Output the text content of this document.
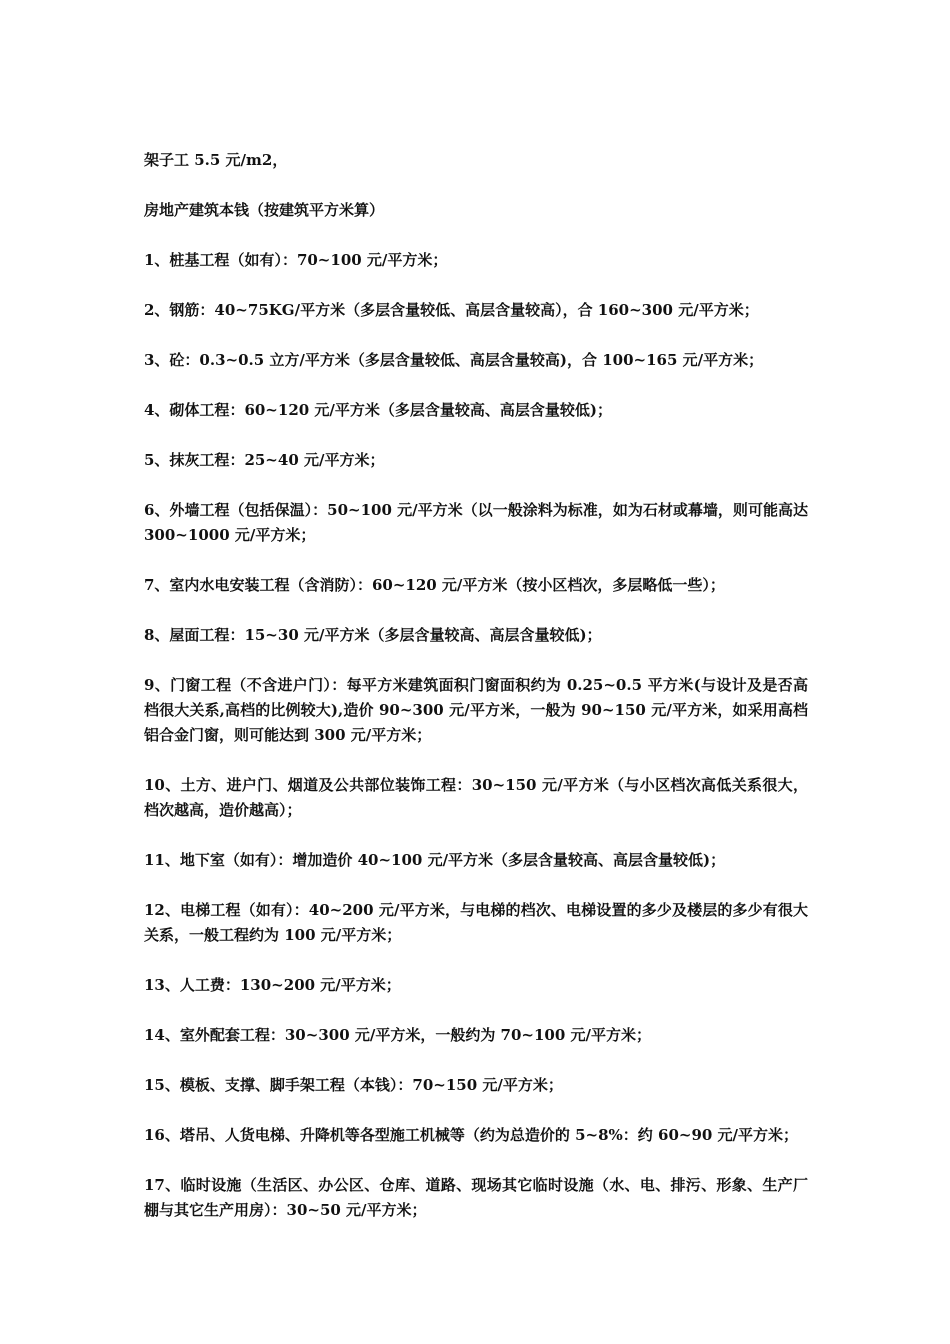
架子工 5.5 元/m2，

房地产建筑本钱（按建筑平方米算）

1、桩基工程（如有）：70~100 元/平方米；

2、钢筋：40~75KG/平方米（多层含量较低、高层含量较高），合 160~300 元/平方米；

3、砼：0.3~0.5 立方/平方米（多层含量较低、高层含量较高)，合 100~165 元/平方米；

4、砌体工程：60~120 元/平方米（多层含量较高、高层含量较低)；

5、抹灰工程：25~40 元/平方米；

6、外墙工程（包括保温）：50~100 元/平方米（以一般涂料为标准，如为石材或幕墙，则可能高达 300~1000 元/平方米；

7、室内水电安装工程（含消防）：60~120 元/平方米（按小区档次，多层略低一些）；

8、屋面工程：15~30 元/平方米（多层含量较高、高层含量较低)；

9、门窗工程（不含进户门）：每平方米建筑面积门窗面积约为 0.25~0.5 平方米(与设计及是否高档很大关系,高档的比例较大),造价 90~300 元/平方米，一般为 90~150 元/平方米，如采用高档铝合金门窗，则可能达到 300 元/平方米；

10、土方、进户门、烟道及公共部位装饰工程：30~150 元/平方米（与小区档次高低关系很大，档次越高，造价越高）；

11、地下室（如有）：增加造价 40~100 元/平方米（多层含量较高、高层含量较低)；

12、电梯工程（如有）：40~200 元/平方米，与电梯的档次、电梯设置的多少及楼层的多少有很大关系，一般工程约为 100 元/平方米；

13、人工费：130~200 元/平方米；

14、室外配套工程：30~300 元/平方米，一般约为 70~100 元/平方米；

15、模板、支撑、脚手架工程（本钱）：70~150 元/平方米；

16、塔吊、人货电梯、升降机等各型施工机械等（约为总造价的 5~8%：约 60~90 元/平方米；

17、临时设施（生活区、办公区、仓库、道路、现场其它临时设施（水、电、排污、形象、生产厂棚与其它生产用房）：30~50 元/平方米；
